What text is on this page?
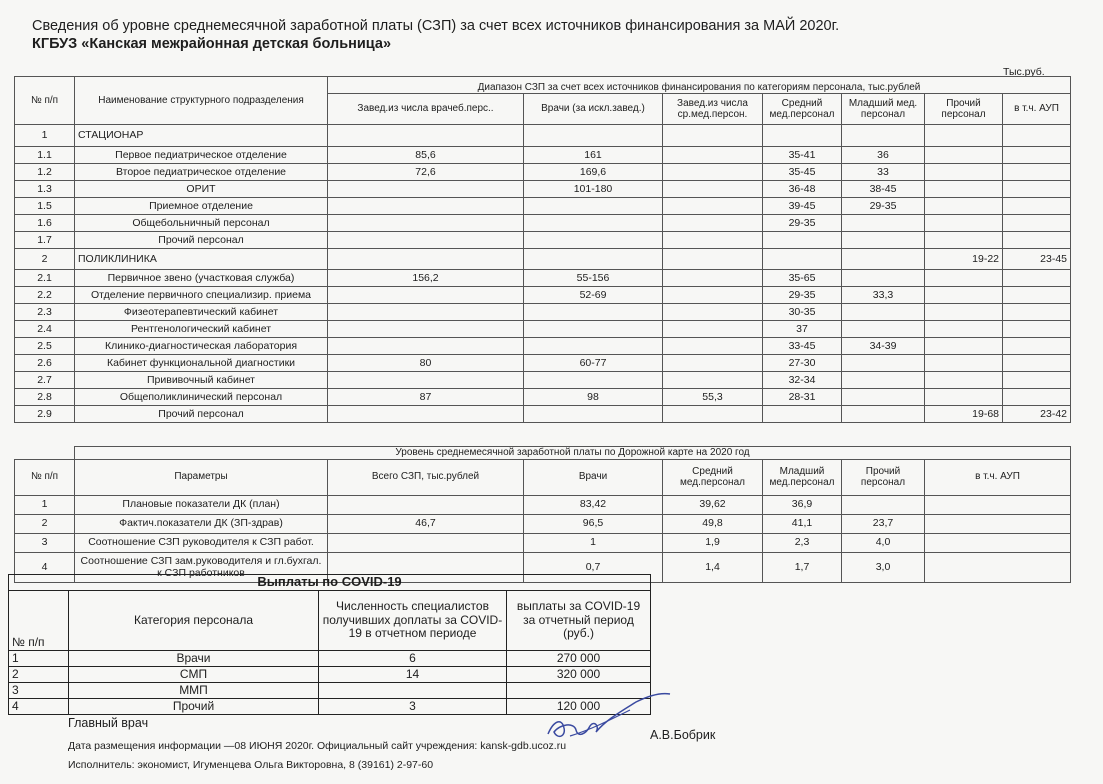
Сведения об уровне среднемесячной заработной платы (СЗП) за счет всех источников финансирования за МАЙ 2020г.
КГБУЗ «Канская межрайонная детская больница»
Тыс.руб.
№ п/п	Наименование структурного подразделения	Диапазон СЗП за счет всех источников финансирования по категориям персонала, тыс.рублей						
		Завед.из числа врачеб.перс..	Врачи (за искл.завед.)	Завед.из числа ср.мед.персон.	Средний мед.персонал	Младший мед. персонал	Прочий персонал	в т.ч. АУП
1	СТАЦИОНАР							
1.1	Первое педиатрическое отделение	85,6	161		35-41	36		
1.2	Второе педиатрическое отделение	72,6	169,6		35-45	33		
1.3	ОРИТ		101-180		36-48	38-45		
1.5	Приемное отделение				39-45	29-35		
1.6	Общебольничный персонал				29-35			
1.7	Прочий персонал							
2	ПОЛИКЛИНИКА						19-22	23-45
2.1	Первичное звено (участковая служба)	156,2	55-156		35-65			
2.2	Отделение первичного специализир. приема		52-69		29-35	33,3		
2.3	Физеотерапевтический кабинет				30-35			
2.4	Рентгенологический кабинет				37			
2.5	Клинико-диагностическая лаборатория				33-45	34-39		
2.6	Кабинет функциональной диагностики	80	60-77		27-30			
2.7	Прививочный кабинет				32-34			
2.8	Общеполиклинический персонал	87	98	55,3	28-31			
2.9	Прочий персонал						19-68	23-42
	Уровень среднемесячной заработной платы по Дорожной карте на 2020 год						
№ п/п	Параметры	Всего СЗП, тыс.рублей	Врачи	Средний мед.персонал	Младший мед.персонал	Прочий персонал	в т.ч. АУП
1	Плановые показатели ДК (план)		83,42	39,62	36,9		
2	Фактич.показатели ДК (ЗП-здрав)	46,7	96,5	49,8	41,1	23,7	
3	Соотношение СЗП руководителя к СЗП работ.		1	1,9	2,3	4,0	
4	Соотношение СЗП зам.руководителя и гл.бухгал. к СЗП работников		0,7	1,4	1,7	3,0	
Выплаты по COVID-19			
№ п/п	Категория персонала	Численность специалистов получивших доплаты за COVID-19 в отчетном периоде	выплаты за COVID-19 за отчетный период (руб.)
1	Врачи	6	270 000
2	СМП	14	320 000
3	ММП		
4	Прочий	3	120 000
Главный врач
А.В.Бобрик
Дата размещения информации —08 ИЮНЯ 2020г. Официальный сайт учреждения: kansk-gdb.ucoz.ru
Исполнитель: экономист, Игуменцева Ольга Викторовна, 8 (39161) 2-97-60
